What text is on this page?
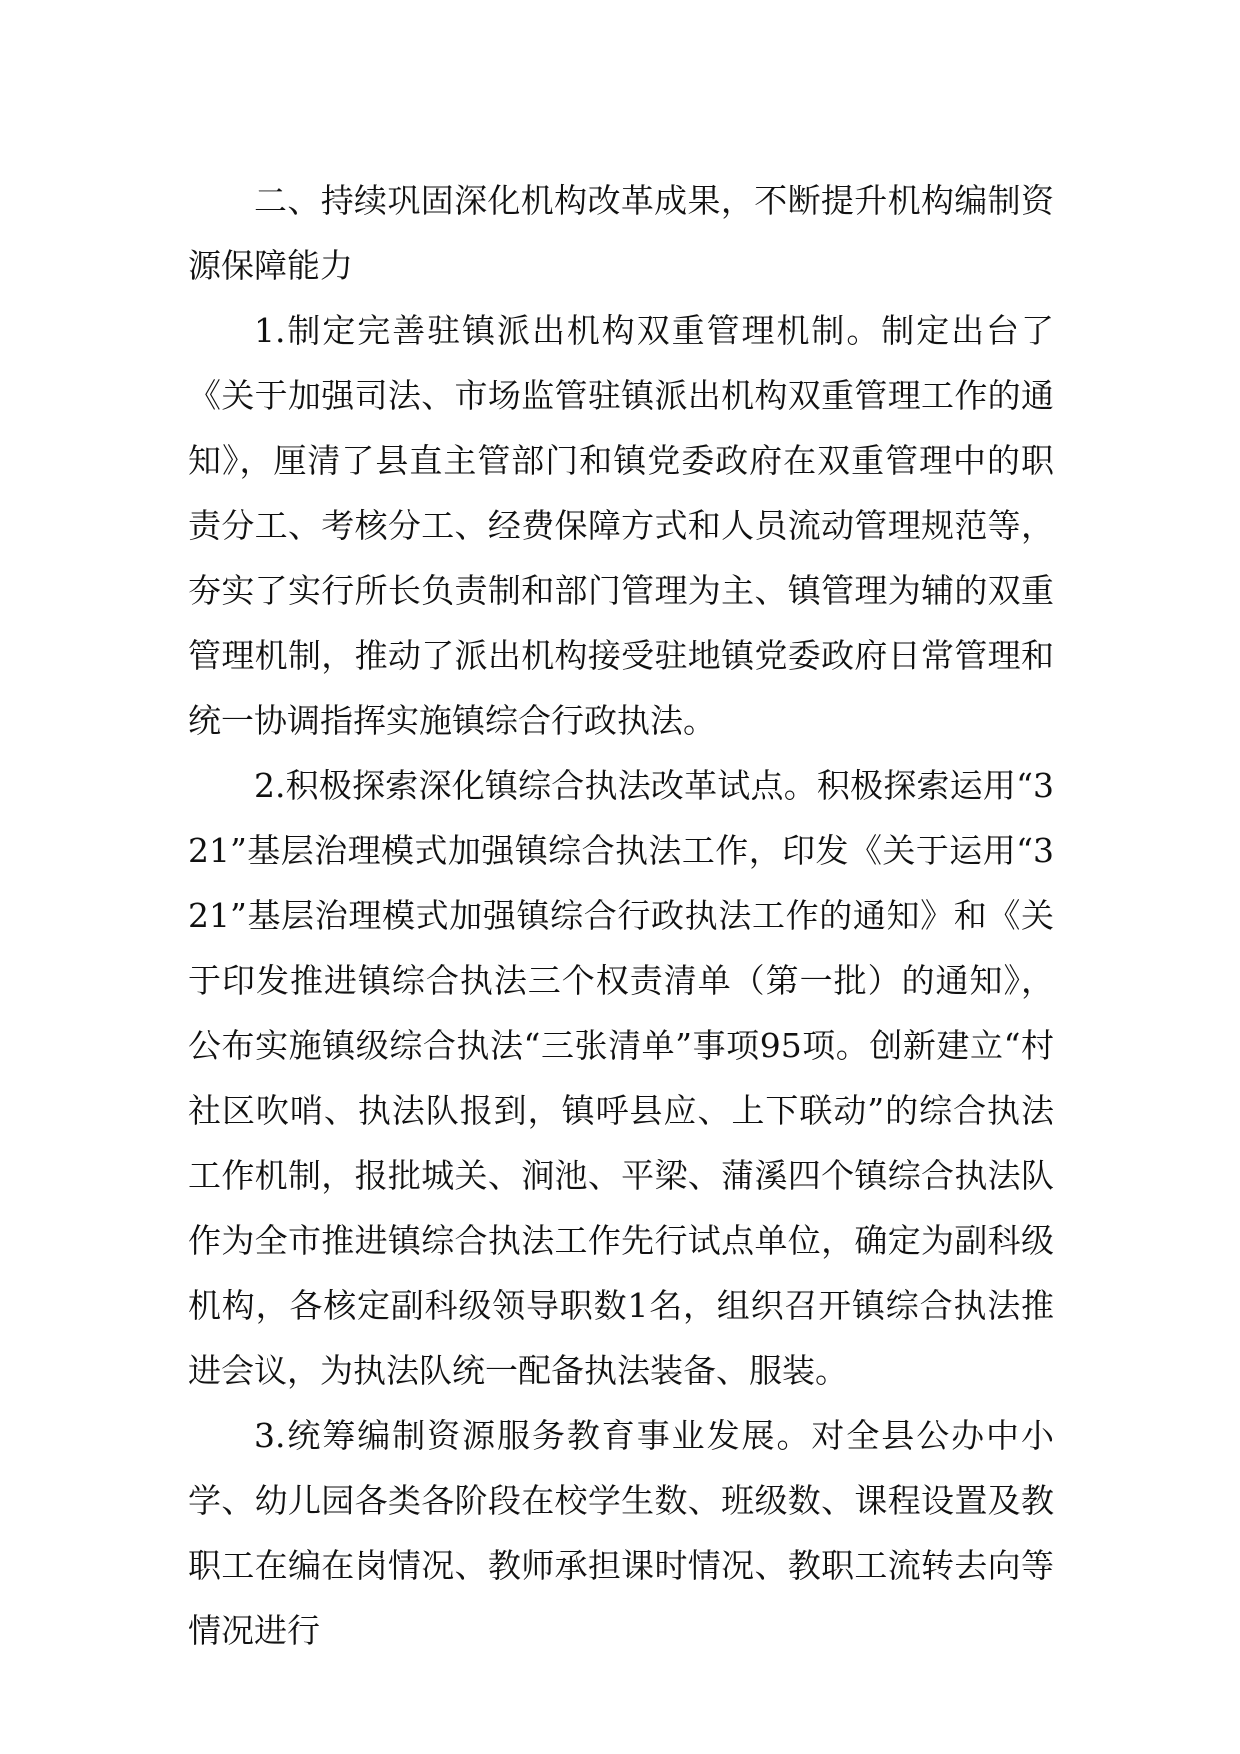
二、持续巩固深化机构改革成果，不断提升机构编制资源保障能力

1.制定完善驻镇派出机构双重管理机制。制定出台了《关于加强司法、市场监管驻镇派出机构双重管理工作的通知》，厘清了县直主管部门和镇党委政府在双重管理中的职责分工、考核分工、经费保障方式和人员流动管理规范等，夯实了实行所长负责制和部门管理为主、镇管理为辅的双重管理机制，推动了派出机构接受驻地镇党委政府日常管理和统一协调指挥实施镇综合行政执法。

2.积极探索深化镇综合执法改革试点。积极探索运用“321”基层治理模式加强镇综合执法工作，印发《关于运用“321”基层治理模式加强镇综合行政执法工作的通知》和《关于印发推进镇综合执法三个权责清单（第一批）的通知》，公布实施镇级综合执法“三张清单”事项95项。创新建立“村社区吹哨、执法队报到，镇呼县应、上下联动”的综合执法工作机制，报批城关、涧池、平梁、蒲溪四个镇综合执法队作为全市推进镇综合执法工作先行试点单位，确定为副科级机构，各核定副科级领导职数1名，组织召开镇综合执法推进会议，为执法队统一配备执法装备、服装。

3.统筹编制资源服务教育事业发展。对全县公办中小学、幼儿园各类各阶段在校学生数、班级数、课程设置及教职工在编在岗情况、教师承担课时情况、教职工流转去向等情况进行
